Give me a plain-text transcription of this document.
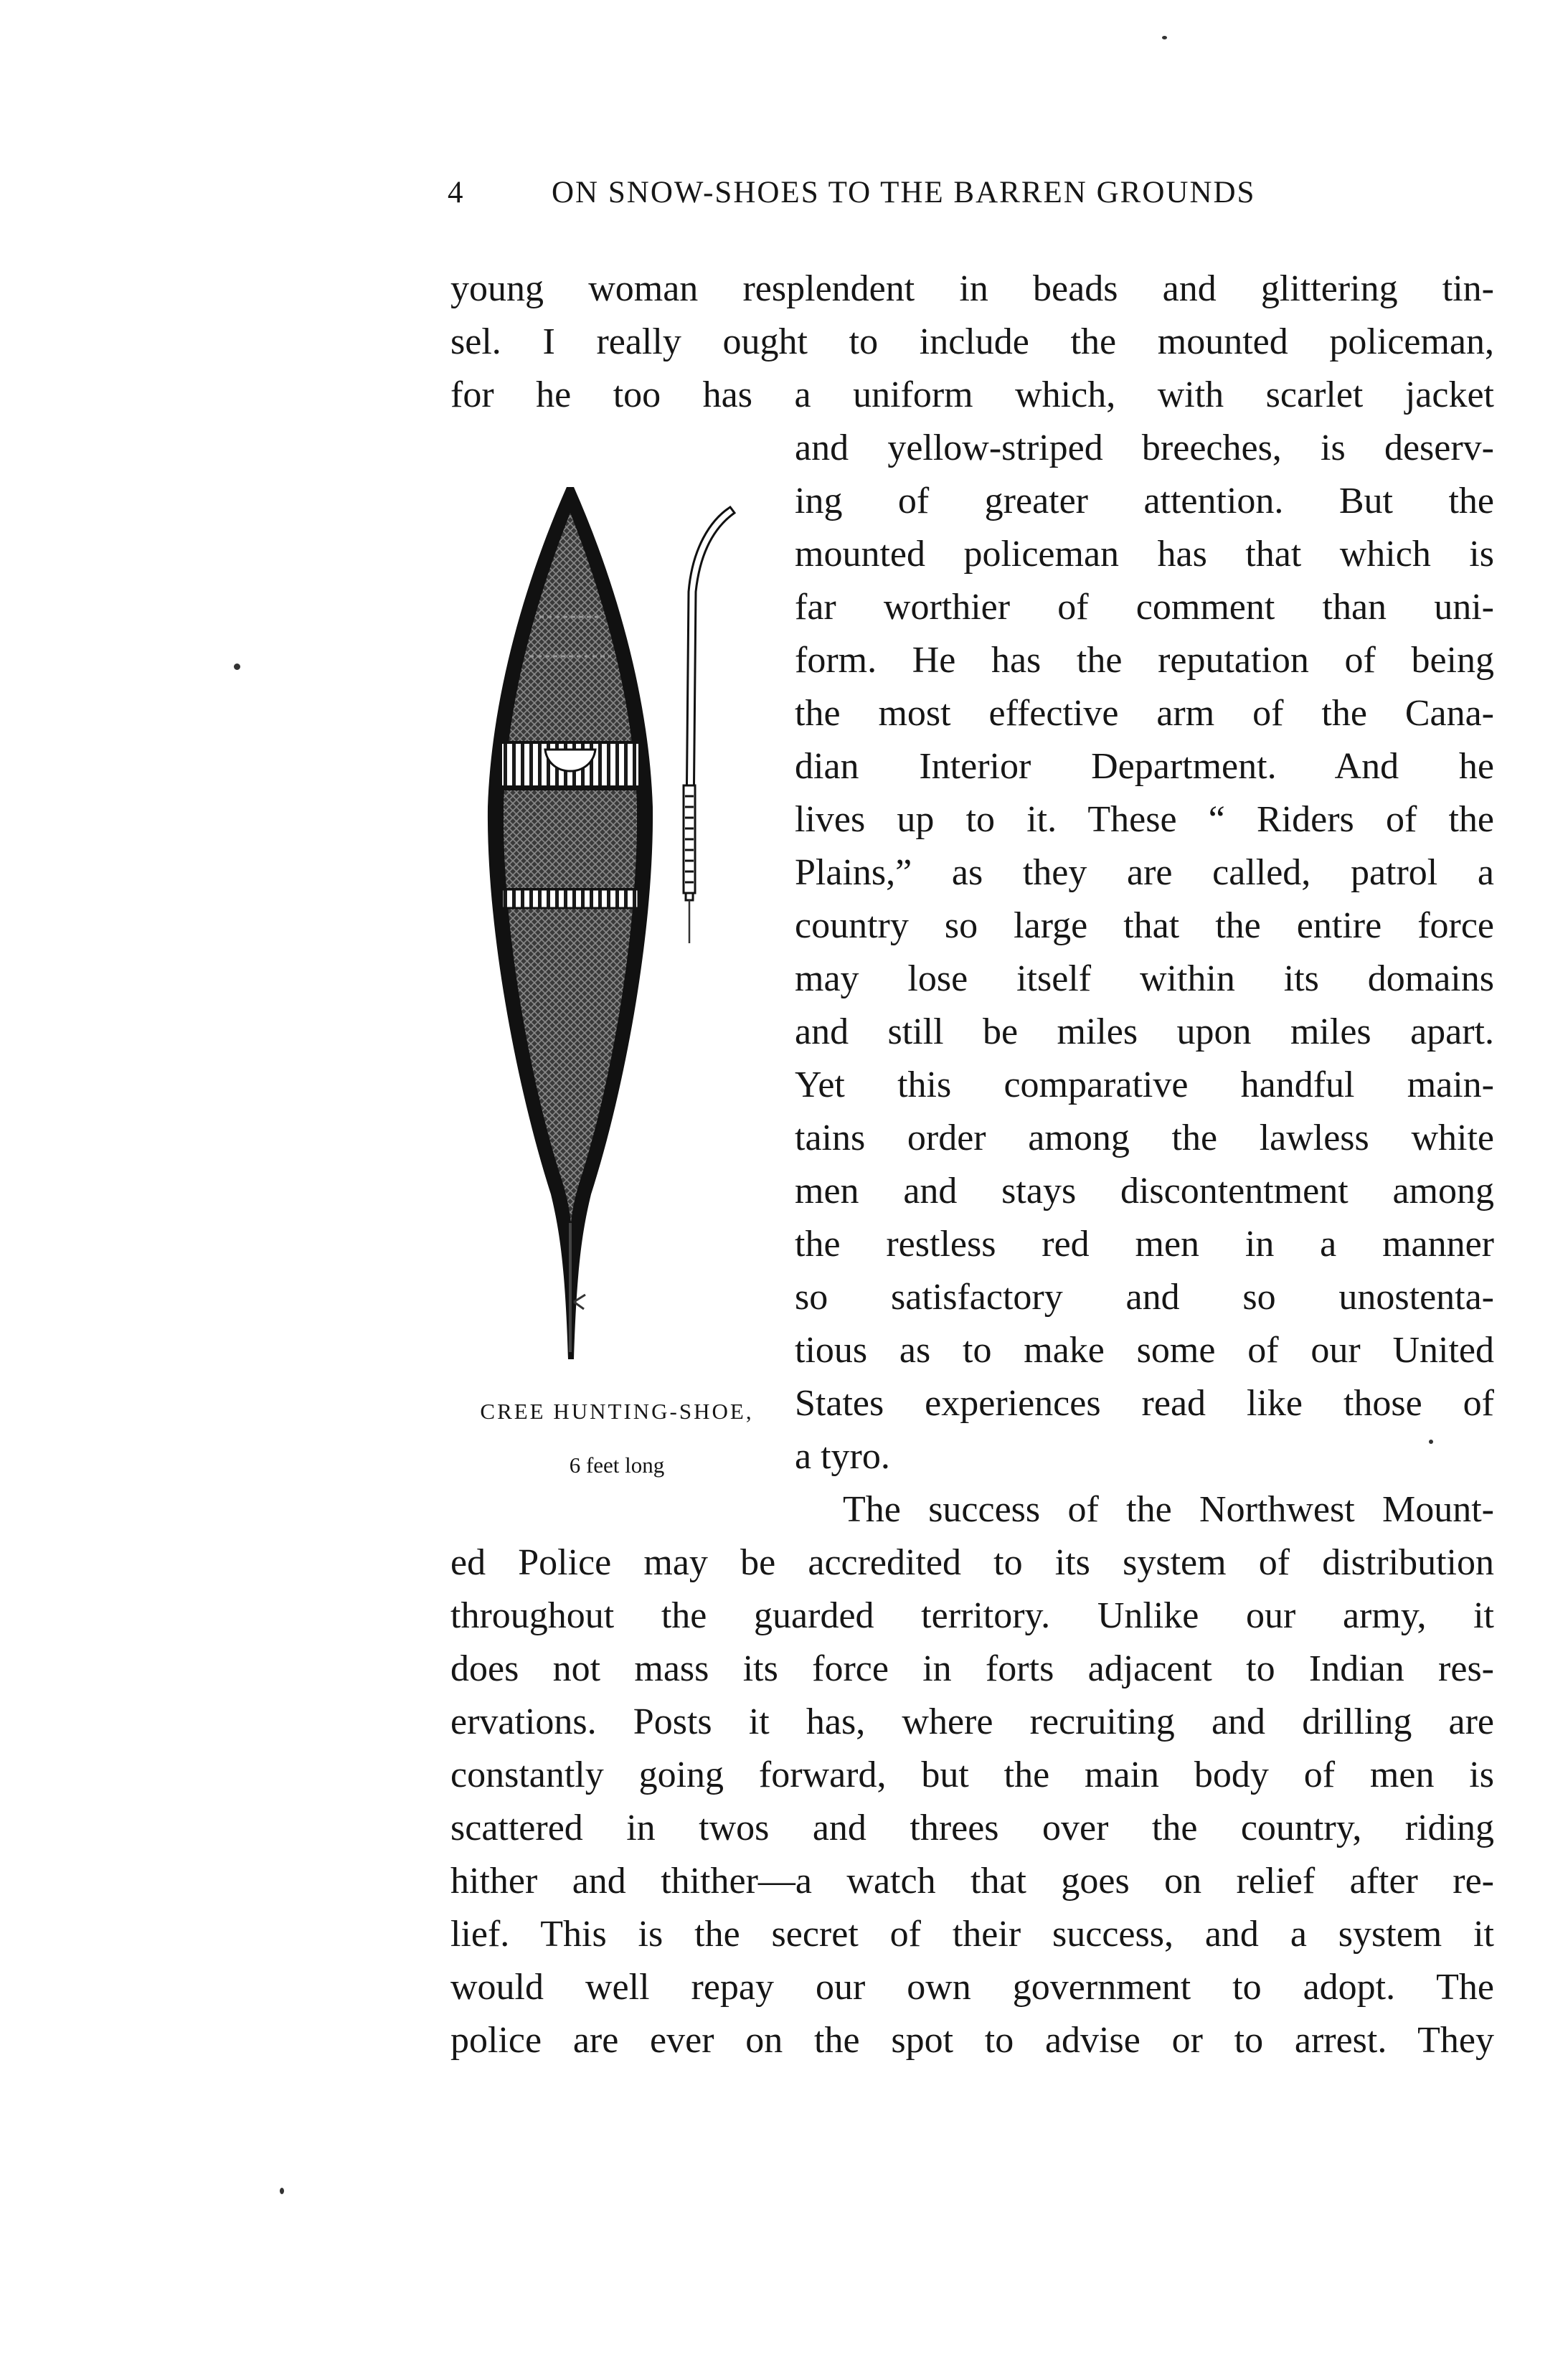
4	ON SNOW-SHOES TO THE BARREN GROUNDS
young woman resplendent in beads and glittering tin-
sel. I really ought to include the mounted policeman,
for he too has a uniform which, with scarlet jacket
and yellow-striped breeches, is deserv-
ing of greater attention. But the
mounted policeman has that which is
far worthier of comment than uni-
form. He has the reputation of being
the most effective arm of the Cana-
dian Interior Department. And he
lives up to it. These “ Riders of the
Plains,” as they are called, patrol a
country so large that the entire force
may lose itself within its domains
and still be miles upon miles apart.
Yet this comparative handful main-
tains order among the lawless white
men and stays discontentment among
the restless red men in a manner
so satisfactory and so unostenta-
tious as to make some of our United
States experiences read like those of
a tyro.
The success of the Northwest Mount-
ed Police may be accredited to its system of distribution
throughout the guarded territory. Unlike our army, it
does not mass its force in forts adjacent to Indian res-
ervations. Posts it has, where recruiting and drilling are
constantly going forward, but the main body of men is
scattered in twos and threes over the country, riding
hither and thither—a watch that goes on relief after re-
lief. This is the secret of their success, and a system it
would well repay our own government to adopt. The
police are ever on the spot to advise or to arrest. They
CREE HUNTING-SHOE,
6 feet long
